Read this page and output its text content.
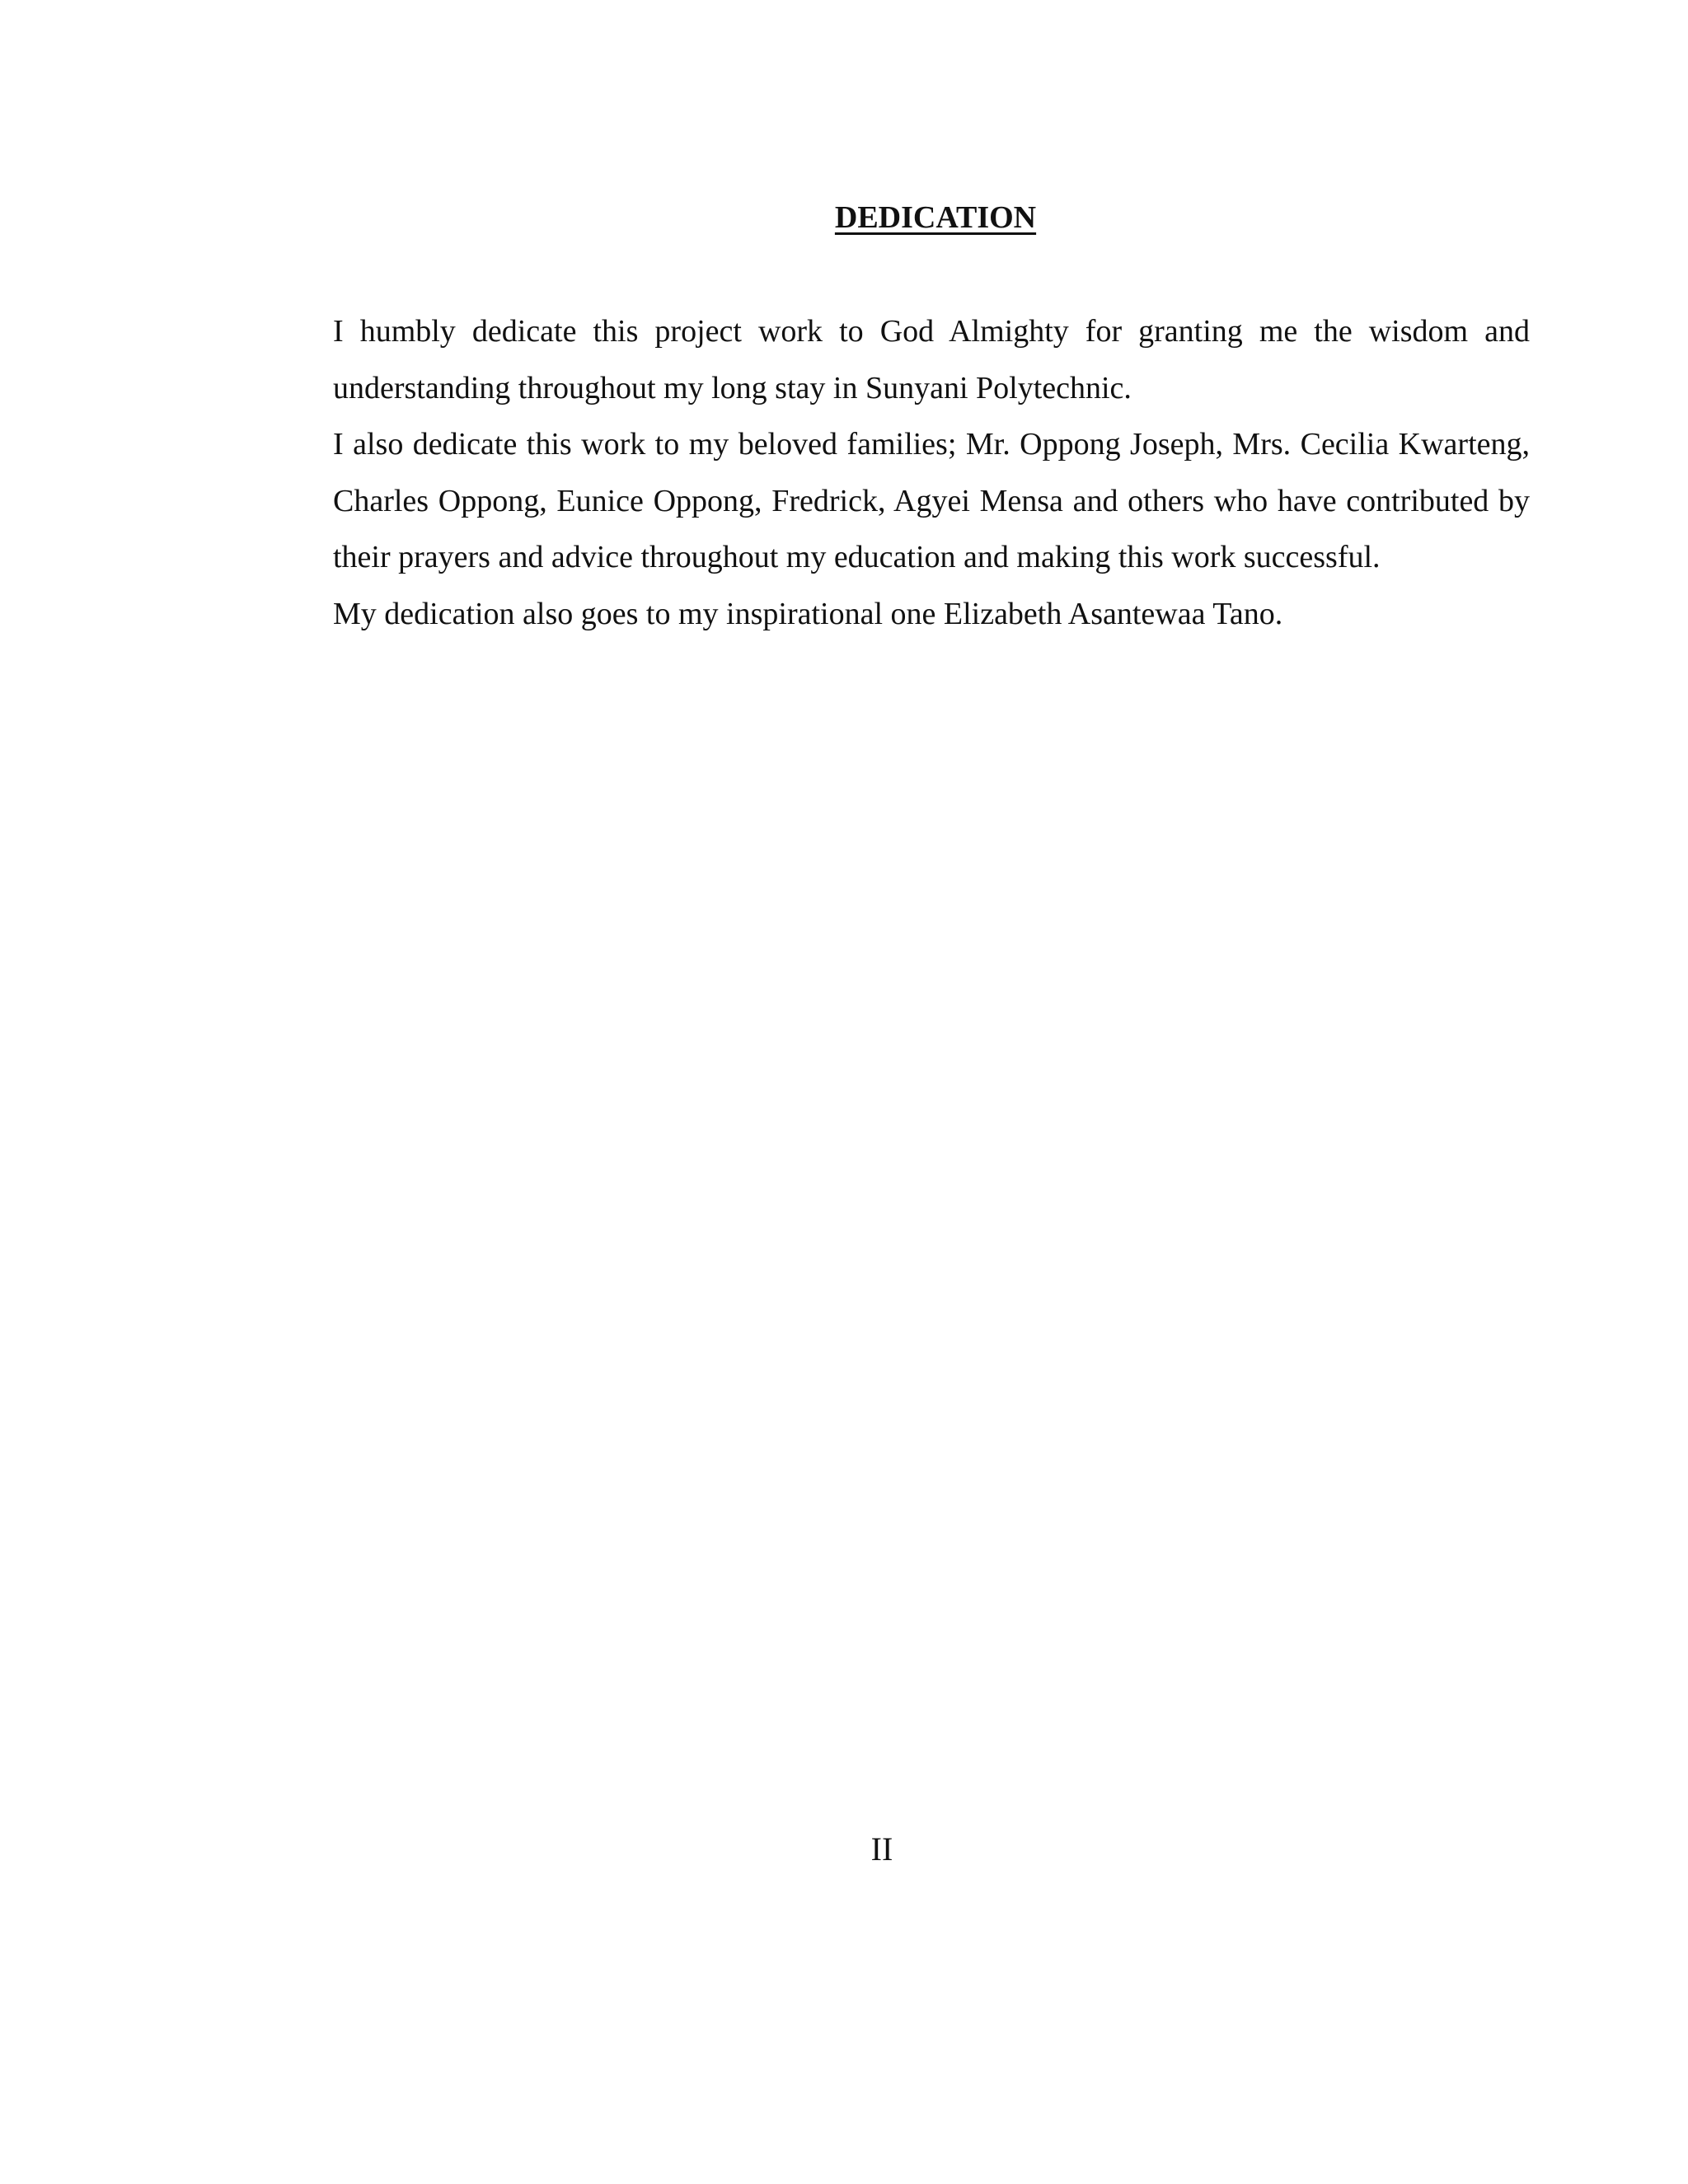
DEDICATION

I humbly dedicate this project work to God Almighty for granting me the wisdom and understanding throughout my long stay in Sunyani Polytechnic.

I also dedicate this work to my beloved families; Mr. Oppong Joseph, Mrs. Cecilia Kwarteng, Charles Oppong, Eunice Oppong, Fredrick, Agyei Mensa and others who have contributed by their prayers and advice throughout my education and making this work successful.

My dedication also goes to my inspirational one Elizabeth Asantewaa Tano.

II
